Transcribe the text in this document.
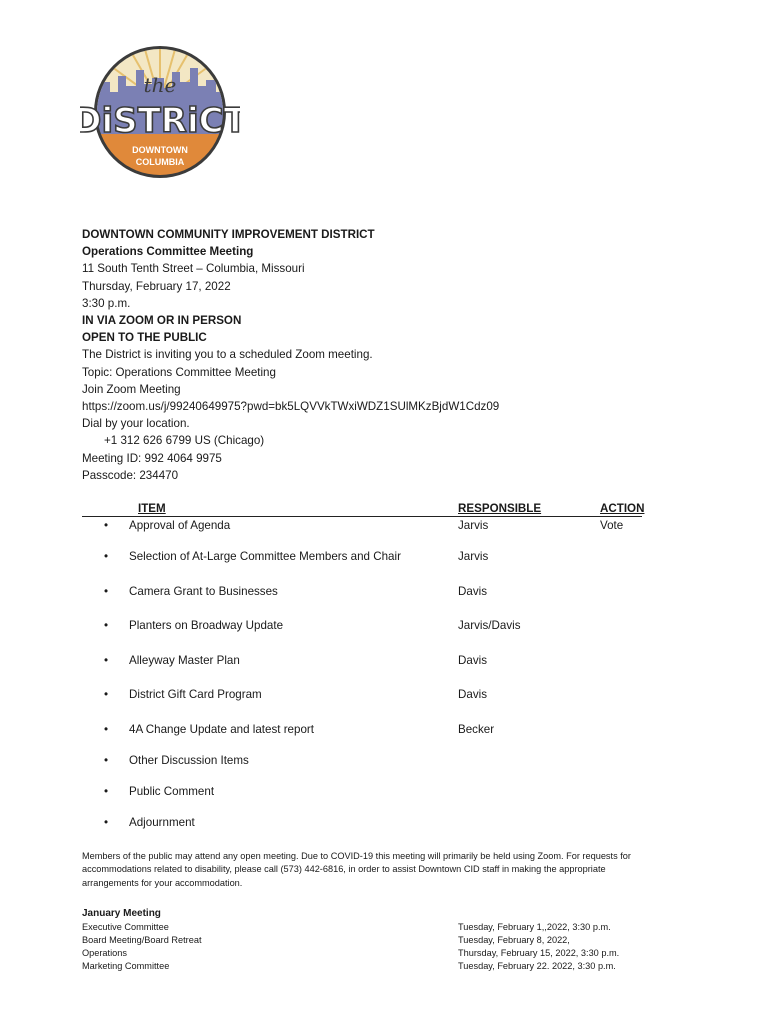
the
DiSTRiCT
DOWNTOWN
COLUMBIA
DOWNTOWN COMMUNITY IMPROVEMENT DISTRICT
Operations Committee Meeting
11 South Tenth Street – Columbia, Missouri
Thursday, February 17, 2022
3:30 p.m.
IN VIA ZOOM OR IN PERSON
OPEN TO THE PUBLIC
The District is inviting you to a scheduled Zoom meeting.
Topic: Operations Committee Meeting
Join Zoom Meeting
https://zoom.us/j/99240649975?pwd=bk5LQVVkTWxiWDZ1SUlMKzBjdW1Cdz09
Dial by your location.
+1 312 626 6799 US (Chicago)
Meeting ID: 992 4064 9975
Passcode: 234470
ITEM	RESPONSIBLE	ACTION
• Approval of Agenda	Jarvis	Vote
• Selection of At-Large Committee Members and Chair	Jarvis
• Camera Grant to Businesses	Davis
• Planters on Broadway Update	Jarvis/Davis
• Alleyway Master Plan	Davis
• District Gift Card Program	Davis
• 4A Change Update and latest report	Becker
• Other Discussion Items
• Public Comment
• Adjournment
Members of the public may attend any open meeting. Due to COVID-19 this meeting will primarily be held using Zoom. For requests for
accommodations related to disability, please call (573) 442-6816, in order to assist Downtown CID staff in making the appropriate
arrangements for your accommodation.
January Meeting
Executive Committee	Tuesday, February 1,,2022, 3:30 p.m.
Board Meeting/Board Retreat	Tuesday, February 8, 2022,
Operations	Thursday, February 15, 2022, 3:30 p.m.
Marketing Committee	Tuesday, February 22. 2022, 3:30 p.m.
